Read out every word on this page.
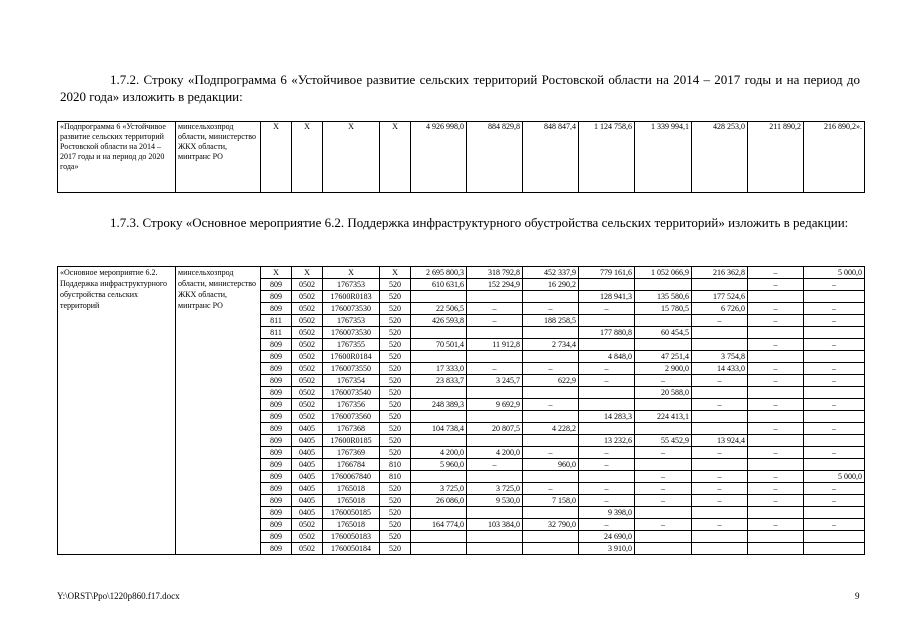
1.7.2. Строку «Подпрограмма 6 «Устойчивое развитие сельских территорий Ростовской области на 2014 – 2017 годы и на период до 2020 года» изложить в редакции:
«Подпрограмма 6 «Устойчивое развитие сельских территорий Ростовской области на 2014 – 2017 годы и на период до 2020 года»	минсельхозпрод области, министерство ЖКХ области, минтранс РО	Х	Х	Х	Х	4 926 998,0	884 829,8	848 847,4	1 124 758,6	1 339 994,1	428 253,0	211 890,2	216 890,2».
1.7.3. Строку «Основное мероприятие 6.2. Поддержка инфраструктурного обустройства сельских территорий» изложить в редакции:
«Основное мероприятие 6.2. Поддержка инфраструктурного обустройства сельских территорий	минсельхозпрод области, министерство ЖКХ области, минтранс РО	Х	Х	Х	Х	2 695 800,3	318 792,8	452 337,9	779 161,6	1 052 066,9	216 362,8	–	5 000,0
		809	0502	1767353	520	610 631,6	152 294,9	16 290,2				–	–
		809	0502	17600R0183	520				128 941,3	135 580,6	177 524,6		
		809	0502	1760073530	520	22 506,5	–	–	–	15 780,5	6 726,0	–	–
		811	0502	1767353	520	426 593,8	–	188 258,5			–	–	–
		811	0502	1760073530	520				177 880,8	60 454,5			
		809	0502	1767355	520	70 501,4	11 912,8	2 734,4				–	–
		809	0502	17600R0184	520				4 848,0	47 251,4	3 754,8		
		809	0502	1760073550	520	17 333,0	–	–	–	2 900,0	14 433,0	–	–
		809	0502	1767354	520	23 833,7	3 245,7	622,9	–	–	–	–	–
		809	0502	1760073540	520					20 588,0			
		809	0502	1767356	520	248 389,3	9 692,9	–			–	–	–
		809	0502	1760073560	520				14 283,3	224 413,1			
		809	0405	1767368	520	104 738,4	20 807,5	4 228,2				–	–
		809	0405	17600R0185	520				13 232,6	55 452,9	13 924,4		
		809	0405	1767369	520	4 200,0	4 200,0	–	–	–	–	–	–
		809	0405	1766784	810	5 960,0	–	960,0	–				
		809	0405	1760067840	810					–	–	–	5 000,0
		809	0405	1765018	520	3 725,0	3 725,0	–	–	–	–	–	–
		809	0405	1765018	520	26 086,0	9 530,0	7 158,0	–	–	–	–	–
		809	0405	1760050185	520				9 398,0				
		809	0502	1765018	520	164 774,0	103 384,0	32 790,0	–	–	–	–	–
		809	0502	1760050183	520				24 690,0				
		809	0502	1760050184	520				3 910,0				
Y:\ORST\Ppo\1220p860.f17.docx	9
